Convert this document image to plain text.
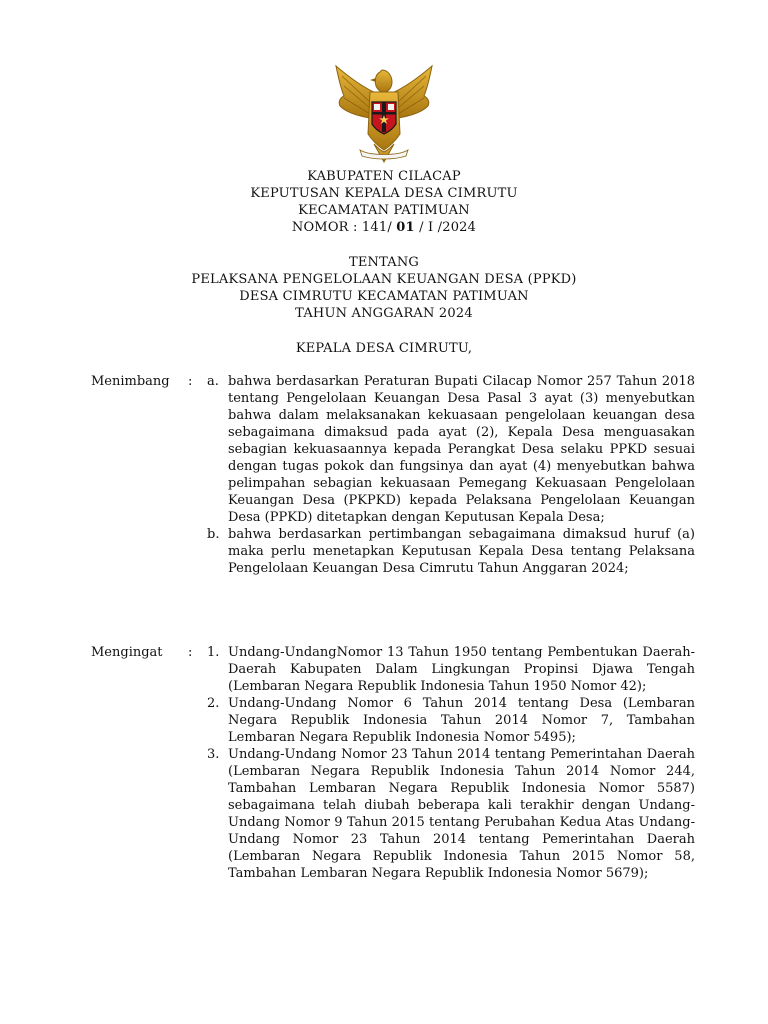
KABUPATEN CILACAP
KEPUTUSAN KEPALA DESA CIMRUTU
KECAMATAN PATIMUAN
NOMOR : 141/ 01 / I /2024
TENTANG
PELAKSANA PENGELOLAAN KEUANGAN DESA (PPKD)
DESA CIMRUTU KECAMATAN PATIMUAN
TAHUN ANGGARAN 2024
KEPALA DESA CIMRUTU,
Menimbang	: a. bahwa berdasarkan Peraturan Bupati Cilacap Nomor 257 Tahun 2018 tentang Pengelolaan Keuangan Desa Pasal 3 ayat (3) menyebutkan bahwa dalam melaksanakan kekuasaan pengelolaan keuangan desa sebagaimana dimaksud pada ayat (2), Kepala Desa menguasakan sebagian kekuasaannya kepada Perangkat Desa selaku PPKD sesuai dengan tugas pokok dan fungsinya dan ayat (4) menyebutkan bahwa pelimpahan sebagian kekuasaan Pemegang Kekuasaan Pengelolaan Keuangan Desa (PKPKD) kepada Pelaksana Pengelolaan Keuangan Desa (PPKD) ditetapkan dengan Keputusan Kepala Desa;
b. bahwa berdasarkan pertimbangan sebagaimana dimaksud huruf (a) maka perlu menetapkan Keputusan Kepala Desa tentang Pelaksana Pengelolaan Keuangan Desa Cimrutu Tahun Anggaran 2024;
Mengingat	: 1. Undang-UndangNomor 13 Tahun 1950 tentang Pembentukan Daerah-Daerah Kabupaten Dalam Lingkungan Propinsi Djawa Tengah (Lembaran Negara Republik Indonesia Tahun 1950 Nomor 42);
2. Undang-Undang Nomor 6 Tahun 2014 tentang Desa (Lembaran Negara Republik Indonesia Tahun 2014 Nomor 7, Tambahan Lembaran Negara Republik Indonesia Nomor 5495);
3. Undang-Undang Nomor 23 Tahun 2014 tentang Pemerintahan Daerah (Lembaran Negara Republik Indonesia Tahun 2014 Nomor 244, Tambahan Lembaran Negara Republik Indonesia Nomor 5587) sebagaimana telah diubah beberapa kali terakhir dengan Undang-Undang Nomor 9 Tahun 2015 tentang Perubahan Kedua Atas Undang-Undang Nomor 23 Tahun 2014 tentang Pemerintahan Daerah (Lembaran Negara Republik Indonesia Tahun 2015 Nomor 58, Tambahan Lembaran Negara Republik Indonesia Nomor 5679);
